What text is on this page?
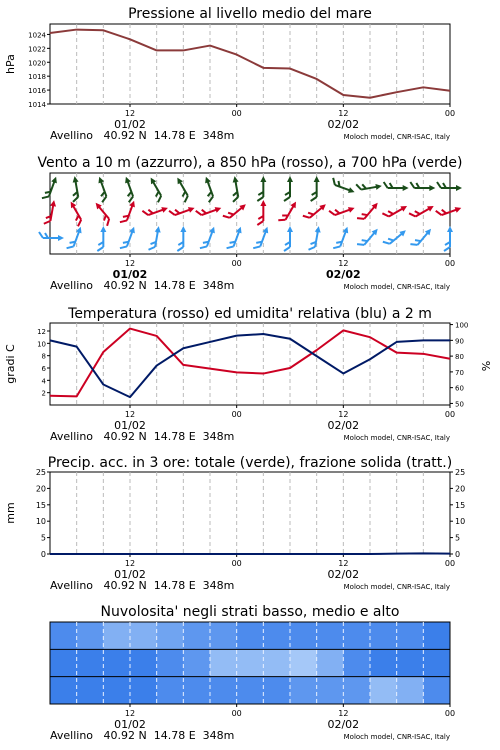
Pressione al livello medio del mare
12	00	12	00
01/02	02/02
Avellino   40.92 N  14.78 E  348m	Moloch model, CNR-ISAC, Italy
1014
1016
1018
1020
1022
1024
hPa
Vento a 10 m (azzurro), a 850 hPa (rosso), a 700 hPa (verde)
12	00	12	00
01/02	02/02
Avellino   40.92 N  14.78 E  348m	Moloch model, CNR-ISAC, Italy
Temperatura (rosso) ed umidita' relativa (blu) a 2 m
12	00	12	00
01/02	02/02
Avellino   40.92 N  14.78 E  348m	Moloch model, CNR-ISAC, Italy
2
4
6
8
10
12
50
60
70
80
90
100
gradi C	%
Precip. acc. in 3 ore: totale (verde), frazione solida (tratt.)
12	00	12	00
01/02	02/02
Avellino   40.92 N  14.78 E  348m	Moloch model, CNR-ISAC, Italy
0
5
10
15
20
25
0
5
10
15
20
25
mm
Nuvolosita' negli strati basso, medio e alto
12	00	12	00
01/02	02/02
Avellino   40.92 N  14.78 E  348m	Moloch model, CNR-ISAC, Italy
